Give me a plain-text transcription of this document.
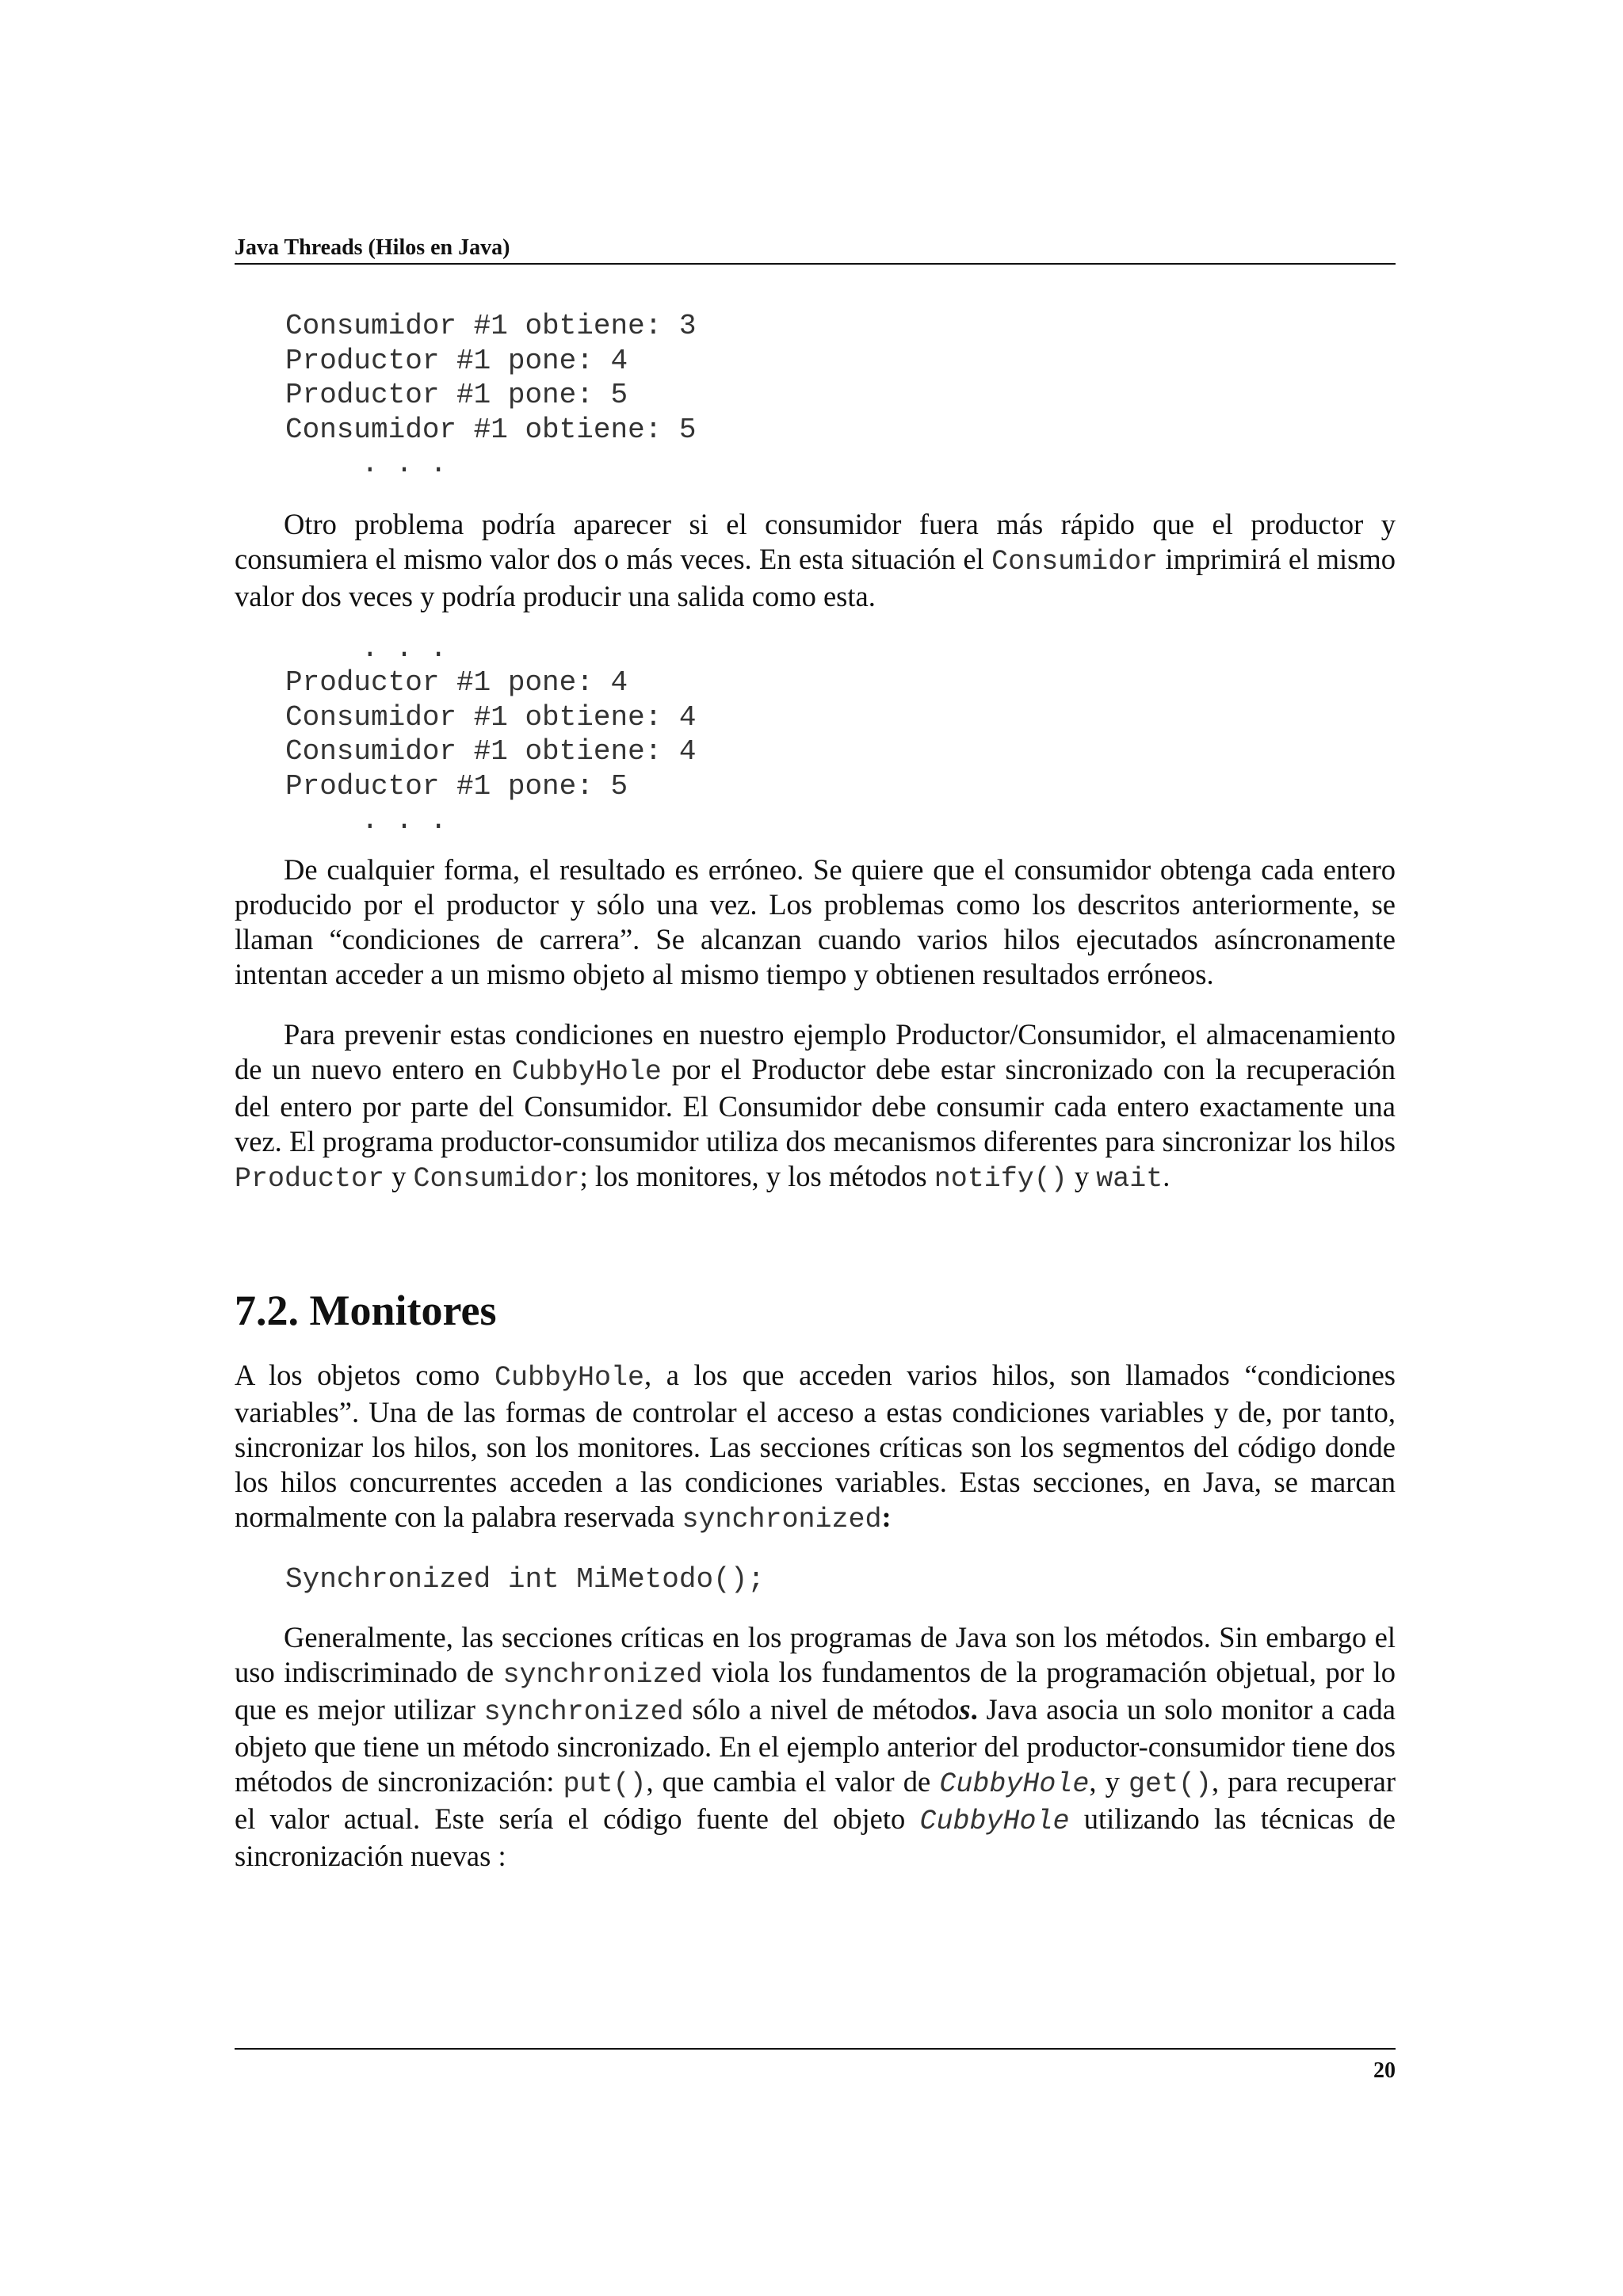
Java Threads (Hilos en Java)
Consumidor #1 obtiene: 3
Productor #1 pone: 4
Productor #1 pone: 5
Consumidor #1 obtiene: 5
. . .

Otro problema podría aparecer si el consumidor fuera más rápido que el productor y consumiera el mismo valor dos o más veces. En esta situación el Consumidor imprimirá el mismo valor dos veces y podría producir una salida como esta.

. . .
Productor #1 pone: 4
Consumidor #1 obtiene: 4
Consumidor #1 obtiene: 4
Productor #1 pone: 5
. . .

De cualquier forma, el resultado es erróneo. Se quiere que el consumidor obtenga cada entero producido por el productor y sólo una vez. Los problemas como los descritos anteriormente, se llaman “condiciones de carrera”. Se alcanzan cuando varios hilos ejecutados asíncronamente intentan acceder a un mismo objeto al mismo tiempo y obtienen resultados erróneos.

Para prevenir estas condiciones en nuestro ejemplo Productor/Consumidor, el almacenamiento de un nuevo entero en CubbyHole por el Productor debe estar sincronizado con la recuperación del entero por parte del Consumidor. El Consumidor debe consumir cada entero exactamente una vez. El programa productor-consumidor utiliza dos mecanismos diferentes para sincronizar los hilos Productor y Consumidor; los monitores, y los métodos notify() y wait.

7.2. Monitores

A los objetos como CubbyHole, a los que acceden varios hilos, son llamados “condiciones variables”. Una de las formas de controlar el acceso a estas condiciones variables y de, por tanto, sincronizar los hilos, son los monitores. Las secciones críticas son los segmentos del código donde los hilos concurrentes acceden a las condiciones variables. Estas secciones, en Java, se marcan normalmente con la palabra reservada synchronized:

Synchronized int MiMetodo();

Generalmente, las secciones críticas en los programas de Java son los métodos. Sin embargo el uso indiscriminado de synchronized viola los fundamentos de la programación objetual, por lo que es mejor utilizar synchronized sólo a nivel de métodos. Java asocia un solo monitor a cada objeto que tiene un método sincronizado. En el ejemplo anterior del productor-consumidor tiene dos métodos de sincronización: put(), que cambia el valor de CubbyHole, y get(), para recuperar el valor actual. Este sería el código fuente del objeto CubbyHole utilizando las técnicas de sincronización nuevas :

20
